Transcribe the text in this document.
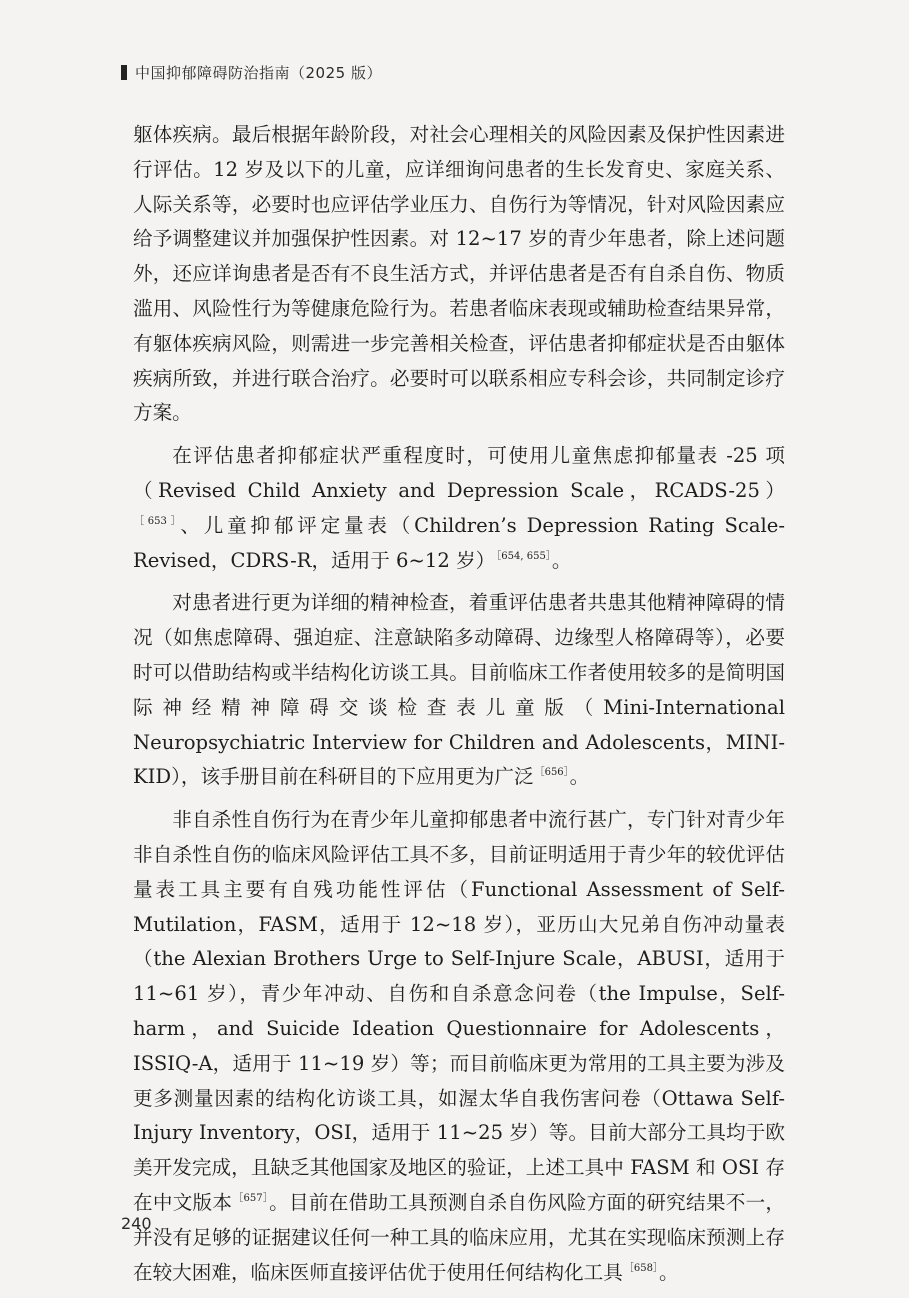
中国抑郁障碍防治指南（2025 版）

躯体疾病。最后根据年龄阶段，对社会心理相关的风险因素及保护性因素进行评估。12 岁及以下的儿童，应详细询问患者的生长发育史、家庭关系、人际关系等，必要时也应评估学业压力、自伤行为等情况，针对风险因素应给予调整建议并加强保护性因素。对 12~17 岁的青少年患者，除上述问题外，还应详询患者是否有不良生活方式，并评估患者是否有自杀自伤、物质滥用、风险性行为等健康危险行为。若患者临床表现或辅助检查结果异常，有躯体疾病风险，则需进一步完善相关检查，评估患者抑郁症状是否由躯体疾病所致，并进行联合治疗。必要时可以联系相应专科会诊，共同制定诊疗方案。

在评估患者抑郁症状严重程度时，可使用儿童焦虑抑郁量表 -25 项（Revised Child Anxiety and Depression Scale，RCADS-25）$^{[653]}$、儿童抑郁评定量表（Children’s Depression Rating Scale-Revised，CDRS-R，适用于 6~12 岁）$^{[654, 655]}$。

对患者进行更为详细的精神检查，着重评估患者共患其他精神障碍的情况（如焦虑障碍、强迫症、注意缺陷多动障碍、边缘型人格障碍等），必要时可以借助结构或半结构化访谈工具。目前临床工作者使用较多的是简明国际神经精神障碍交谈检查表儿童版（Mini-International Neuropsychiatric Interview for Children and Adolescents，MINI-KID），该手册目前在科研目的下应用更为广泛$^{[656]}$。

非自杀性自伤行为在青少年儿童抑郁患者中流行甚广，专门针对青少年非自杀性自伤的临床风险评估工具不多，目前证明适用于青少年的较优评估量表工具主要有自残功能性评估（Functional Assessment of Self-Mutilation，FASM，适用于 12~18 岁），亚历山大兄弟自伤冲动量表（the Alexian Brothers Urge to Self-Injure Scale，ABUSI，适用于 11~61 岁），青少年冲动、自伤和自杀意念问卷（the Impulse，Self-harm，and Suicide Ideation Questionnaire for Adolescents，ISSIQ-A，适用于 11~19 岁）等；而目前临床更为常用的工具主要为涉及更多测量因素的结构化访谈工具，如渥太华自我伤害问卷（Ottawa Self-Injury Inventory，OSI，适用于 11~25 岁）等。目前大部分工具均于欧美开发完成，且缺乏其他国家及地区的验证，上述工具中 FASM 和 OSI 存在中文版本$^{[657]}$。目前在借助工具预测自杀自伤风险方面的研究结果不一，并没有足够的证据建议任何一种工具的临床应用，尤其在实现临床预测上存在较大困难，临床医师直接评估优于使用任何结构化工具$^{[658]}$。

240
